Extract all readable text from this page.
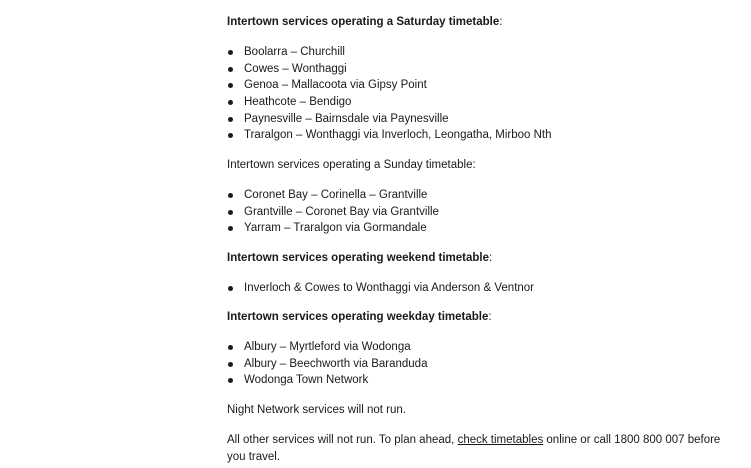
Intertown services operating a Saturday timetable:
Boolarra – Churchill
Cowes – Wonthaggi
Genoa – Mallacoota via Gipsy Point
Heathcote – Bendigo
Paynesville – Bairnsdale via Paynesville
Traralgon – Wonthaggi via Inverloch, Leongatha, Mirboo Nth
Intertown services operating a Sunday timetable:
Coronet Bay – Corinella – Grantville
Grantville – Coronet Bay via Grantville
Yarram – Traralgon via Gormandale
Intertown services operating weekend timetable:
Inverloch & Cowes to Wonthaggi via Anderson & Ventnor
Intertown services operating weekday timetable:
Albury – Myrtleford via Wodonga
Albury – Beechworth via Baranduda
Wodonga Town Network
Night Network services will not run.
All other services will not run. To plan ahead, check timetables online or call 1800 800 007 before you travel.
